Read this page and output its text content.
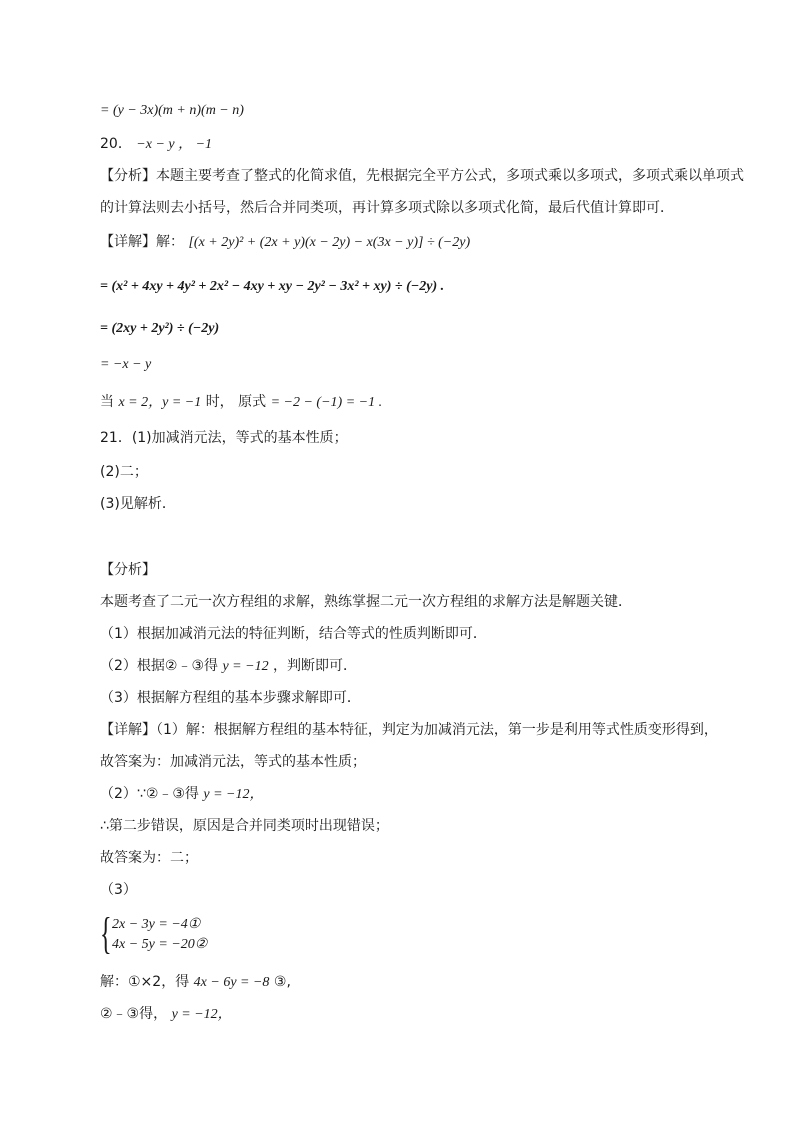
= (y − 3x)(m + n)(m − n)
20． −x − y ， −1
【分析】本题主要考查了整式的化简求值，先根据完全平方公式，多项式乘以多项式，多项式乘以单项式
的计算法则去小括号，然后合并同类项，再计算多项式除以多项式化简，最后代值计算即可．
【详解】解： [(x + 2y)² + (2x + y)(x − 2y) − x(3x − y)] ÷ (−2y)
= (x² + 4xy + 4y² + 2x² − 4xy + xy − 2y² − 3x² + xy) ÷ (−2y) .
= (2xy + 2y²) ÷ (−2y)
= −x − y
当 x = 2，y = −1 时， 原式 = −2 − (−1) = −1 .
21．(1)加减消元法，等式的基本性质；
(2)二；
(3)见解析．
【分析】
本题考查了二元一次方程组的求解，熟练掌握二元一次方程组的求解方法是解题关键．
（1）根据加减消元法的特征判断，结合等式的性质判断即可．
（2）根据②﹣③得 y = −12 ，判断即可．
（3）根据解方程组的基本步骤求解即可．
【详解】（1）解：根据解方程组的基本特征，判定为加减消元法，第一步是利用等式性质变形得到，
故答案为：加减消元法，等式的基本性质；
（2）∵②﹣③得 y = −12，
∴第二步错误，原因是合并同类项时出现错误；
故答案为：二；
（3）
{ 2x − 3y = −4①
4x − 5y = −20②
解：①×2，得 4x − 6y = −8 ③,
②﹣③得， y = −12，
